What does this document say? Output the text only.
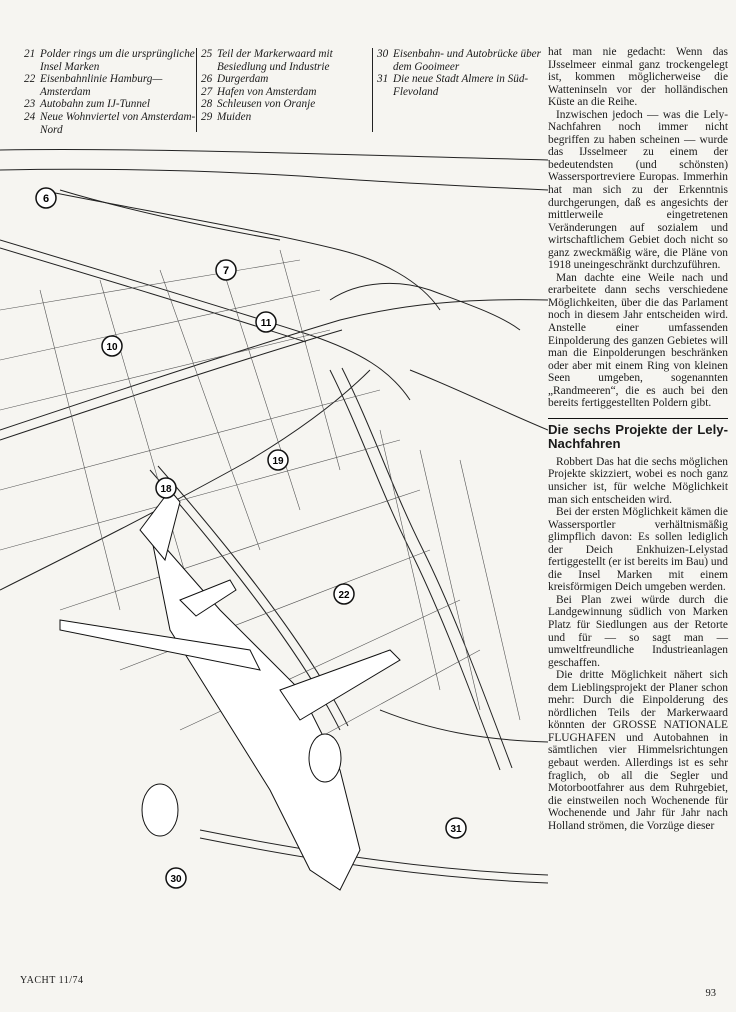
21 Polder rings um die ursprüngliche Insel Marken
22 Eisenbahnlinie Hamburg—Amsterdam
23 Autobahn zum IJ-Tunnel
24 Neue Wohnviertel von Amsterdam-Nord
25 Teil der Markerwaard mit Besiedlung und Industrie
26 Durgerdam
27 Hafen von Amsterdam
28 Schleusen von Oranje
29 Muiden
30 Eisenbahn- und Autobrücke über dem Gooimeer
31 Die neue Stadt Almere in Süd-Flevoland
6
7
10
11
18
19
22
30
31

hat man nie gedacht: Wenn das IJsselmeer einmal ganz trockengelegt ist, kommen möglicherweise die Watteninseln vor der holländischen Küste an die Reihe.

Inzwischen jedoch — was die Lely-Nachfahren noch immer nicht begriffen zu haben scheinen — wurde das IJsselmeer zu einem der bedeutendsten (und schönsten) Wassersportreviere Europas. Immerhin hat man sich zu der Erkenntnis durchgerungen, daß es angesichts der mittlerweile eingetretenen Veränderungen auf sozialem und wirtschaftlichem Gebiet doch nicht so ganz zweckmäßig wäre, die Pläne von 1918 uneingeschränkt durchzuführen.

Man dachte eine Weile nach und erarbeitete dann sechs verschiedene Möglichkeiten, über die das Parlament noch in diesem Jahr entscheiden wird. Anstelle einer umfassenden Einpolderung des ganzen Gebietes will man die Einpolderungen beschränken oder aber mit einem Ring von kleinen Seen umgeben, sogenannten „Randmeeren“, die es auch bei den bereits fertiggestellten Poldern gibt.

Die sechs Projekte der Lely-Nachfahren

Robbert Das hat die sechs möglichen Projekte skizziert, wobei es noch ganz unsicher ist, für welche Möglichkeit man sich entscheiden wird.

Bei der ersten Möglichkeit kämen die Wassersportler verhältnismäßig glimpflich davon: Es sollen lediglich der Deich Enkhuizen-Lelystad fertiggestellt (er ist bereits im Bau) und die Insel Marken mit einem kreisförmigen Deich umgeben werden.

Bei Plan zwei würde durch die Landgewinnung südlich von Marken Platz für Siedlungen aus der Retorte und für — so sagt man — umweltfreundliche Industrieanlagen geschaffen.

Die dritte Möglichkeit nähert sich dem Lieblingsprojekt der Planer schon mehr: Durch die Einpolderung des nördlichen Teils der Markerwaard könnten der GROSSE NATIONALE FLUGHAFEN und Autobahnen in sämtlichen vier Himmelsrichtungen gebaut werden. Allerdings ist es sehr fraglich, ob all die Segler und Motorbootfahrer aus dem Ruhrgebiet, die einstweilen noch Wochenende für Wochenende und Jahr für Jahr nach Holland strömen, die Vorzüge dieser

YACHT 11/74
93
